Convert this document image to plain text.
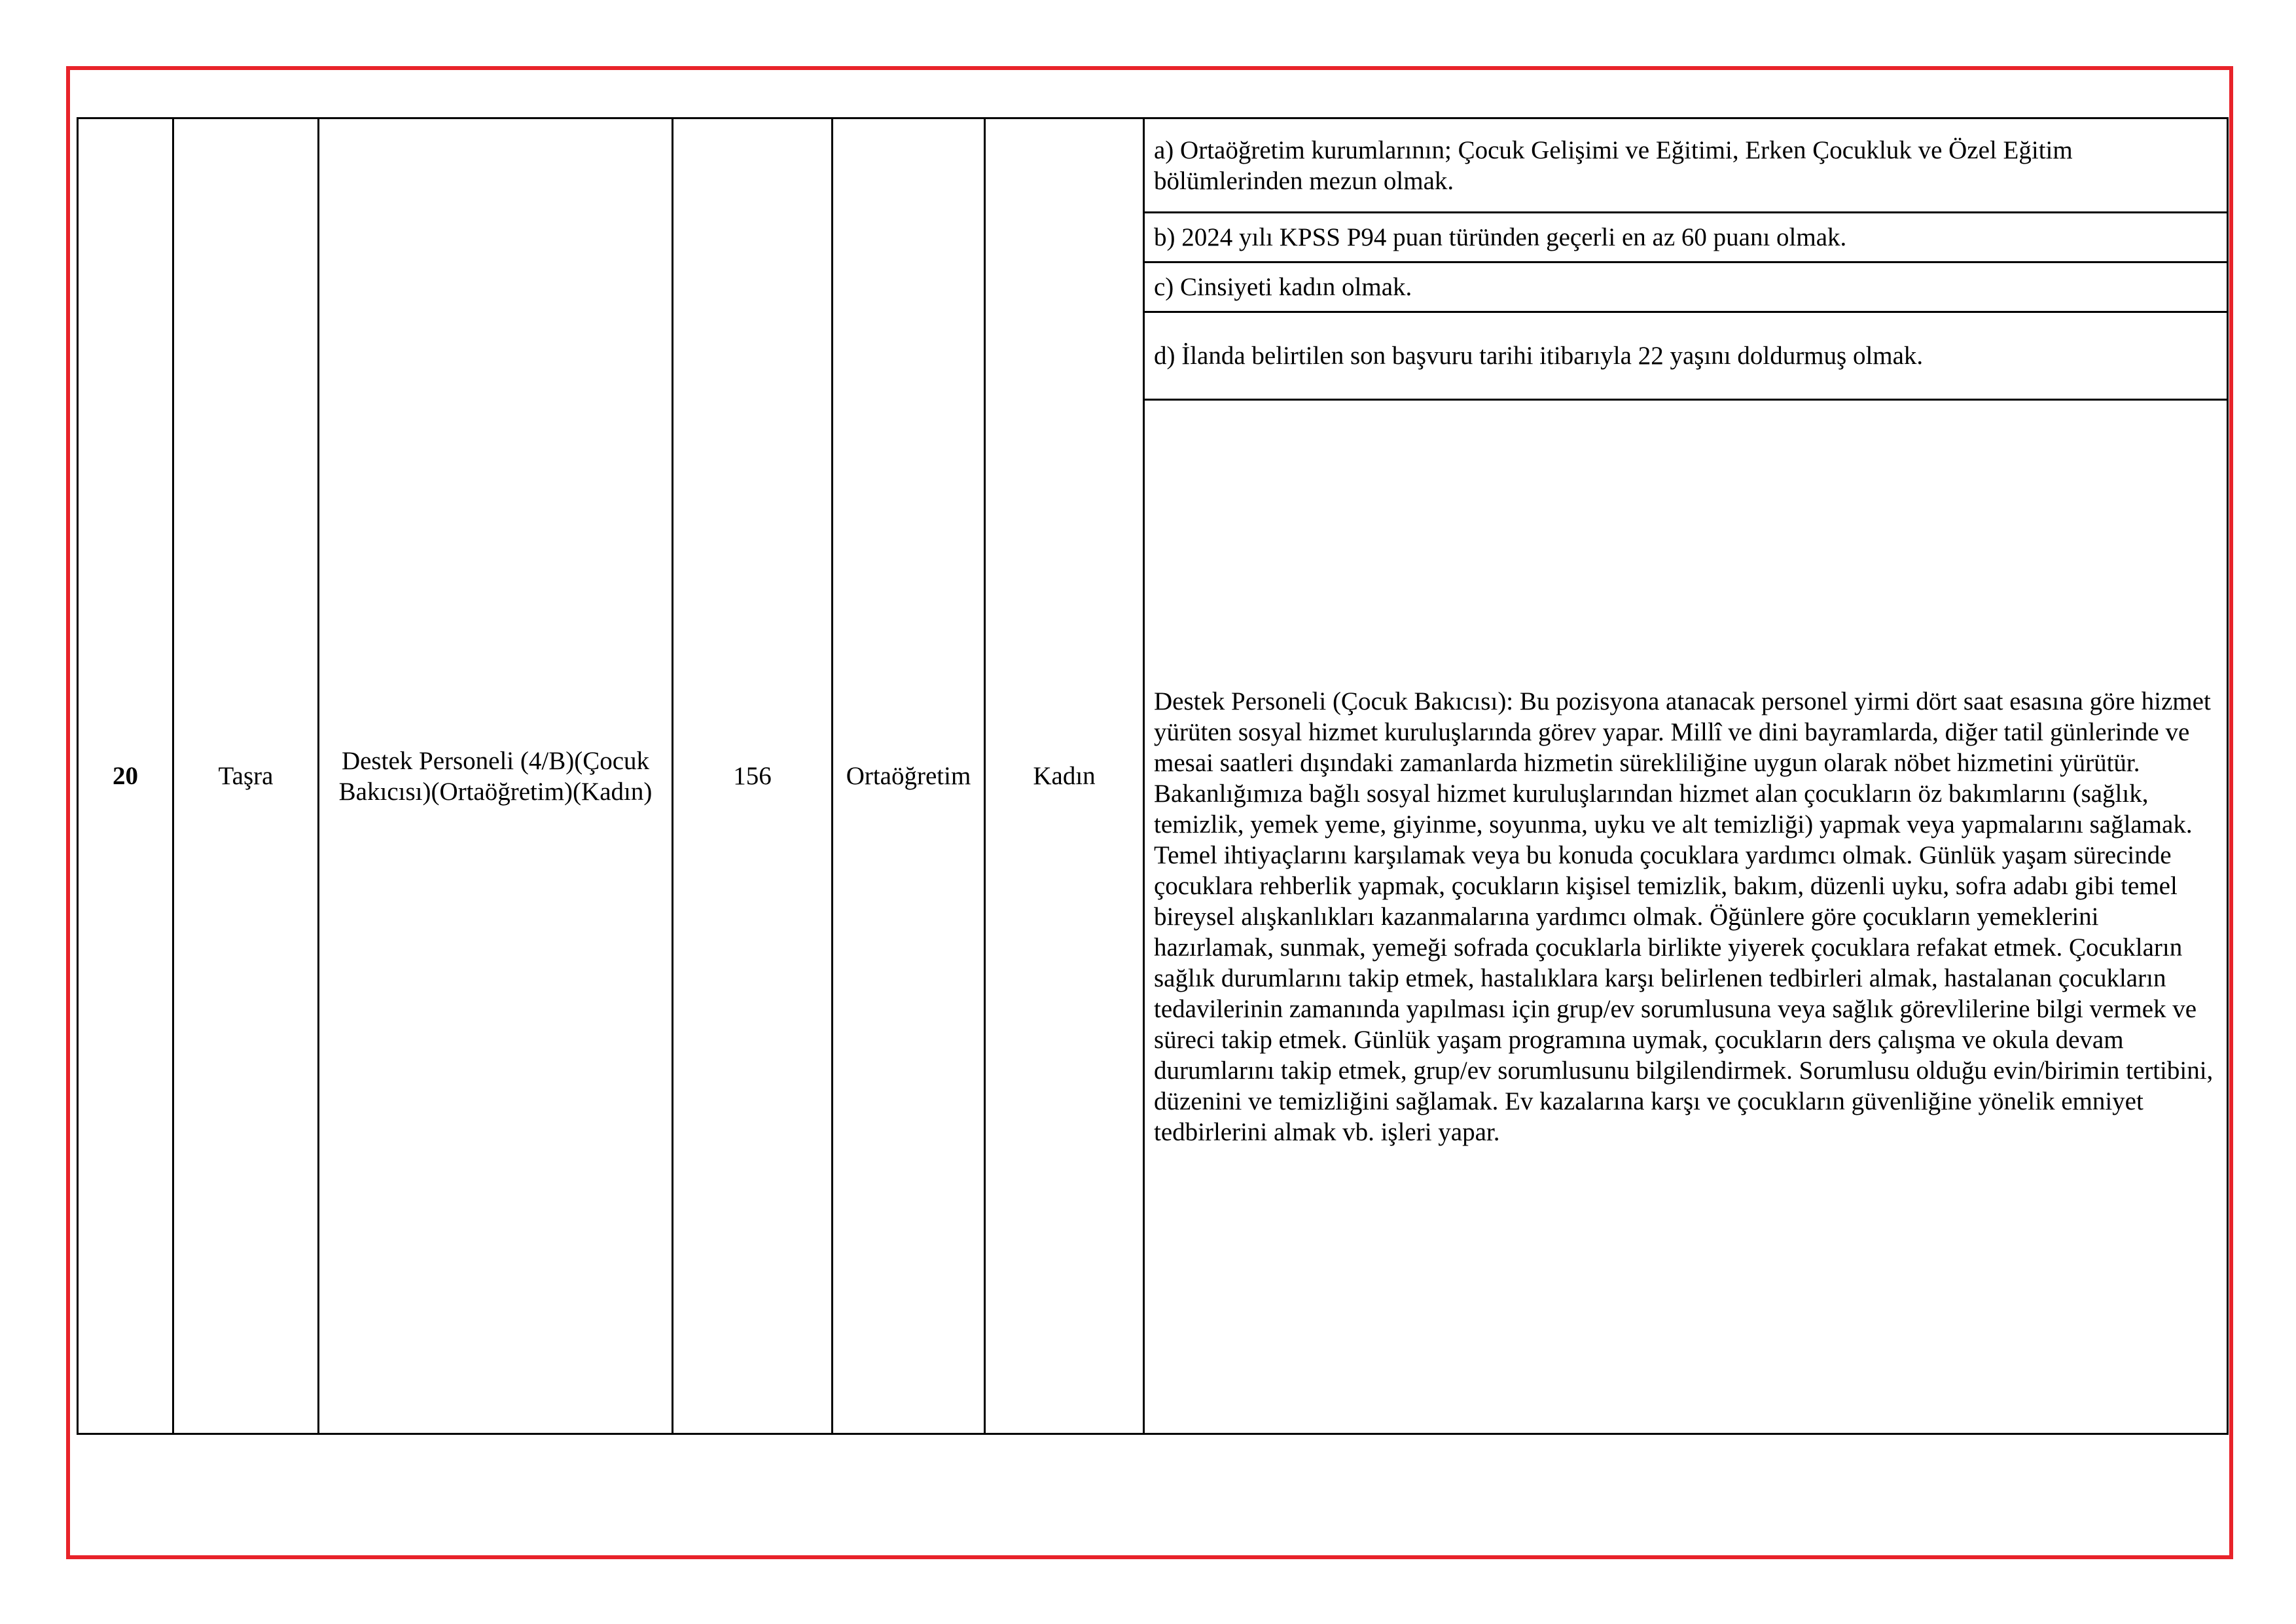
20	Taşra	Destek Personeli (4/B)(Çocuk Bakıcısı)(Ortaöğretim)(Kadın)	156	Ortaöğretim	Kadın	a) Ortaöğretim kurumlarının; Çocuk Gelişimi ve Eğitimi, Erken Çocukluk ve Özel Eğitim bölümlerinden mezun olmak.
b) 2024 yılı KPSS P94 puan türünden geçerli en az 60 puanı olmak.
c) Cinsiyeti kadın olmak.
d) İlanda belirtilen son başvuru tarihi itibarıyla 22 yaşını doldurmuş olmak.
Destek Personeli (Çocuk Bakıcısı): Bu pozisyona atanacak personel yirmi dört saat esasına göre hizmet yürüten sosyal hizmet kuruluşlarında görev yapar. Millî ve dini bayramlarda, diğer tatil günlerinde ve mesai saatleri dışındaki zamanlarda hizmetin sürekliliğine uygun olarak nöbet hizmetini yürütür. Bakanlığımıza bağlı sosyal hizmet kuruluşlarından hizmet alan çocukların öz bakımlarını (sağlık, temizlik, yemek yeme, giyinme, soyunma, uyku ve alt temizliği) yapmak veya yapmalarını sağlamak. Temel ihtiyaçlarını karşılamak veya bu konuda çocuklara yardımcı olmak. Günlük yaşam sürecinde çocuklara rehberlik yapmak, çocukların kişisel temizlik, bakım, düzenli uyku, sofra adabı gibi temel bireysel alışkanlıkları kazanmalarına yardımcı olmak. Öğünlere göre çocukların yemeklerini hazırlamak, sunmak, yemeği sofrada çocuklarla birlikte yiyerek çocuklara refakat etmek. Çocukların sağlık durumlarını takip etmek, hastalıklara karşı belirlenen tedbirleri almak, hastalanan çocukların tedavilerinin zamanında yapılması için grup/ev sorumlusuna veya sağlık görevlilerine bilgi vermek ve süreci takip etmek. Günlük yaşam programına uymak, çocukların ders çalışma ve okula devam durumlarını takip etmek, grup/ev sorumlusunu bilgilendirmek. Sorumlusu olduğu evin/birimin tertibini, düzenini ve temizliğini sağlamak. Ev kazalarına karşı ve çocukların güvenliğine yönelik emniyet tedbirlerini almak vb. işleri yapar.
